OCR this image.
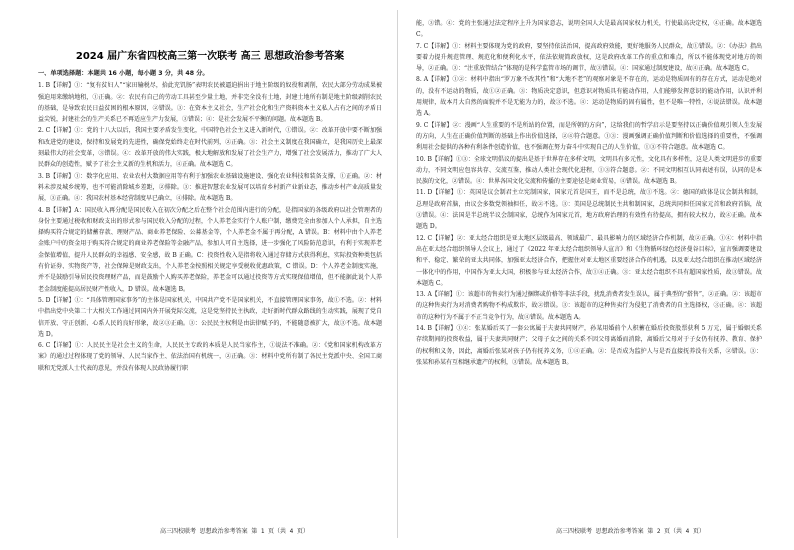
2024 届广东省四校高三第一次联考 高三 思想政治参考答案
一、单项选择题：本题共 16 小题，每小题 3 分，共 48 分。

1. B【详解】①：“复有贫妇人”“家田输税尽，拾此充饥肠”表明农民被逼迫捐出于地主阶级的奴役和剥削，农民大部分劳动成果被强迫用来缴纳地租，①正确。②：农民有自己的劳动工具甚至少量土地，并非完全没有土地，封建土地所有制是地主阶级剥削农民的基础，是导致农民日益贫困的根本原因，②错误。③：在资本主义社会，生产社会化和生产资料资本主义私人占有之间的矛盾日益尖锐，封建社会的生产关系已不再适应生产力发展，③错误；④：是社会发展不平衡的问题。故本题选 B。

2. C【详解】①：党的十八大以后，我国主要矛盾发生变化，中国特色社会主义进入新时代，①错误。②：改革开放中要不断加强和改进党的建设，保持和发展党的先进性，确保党始终走在时代前列，②正确。③：社会主义制度在我国确立，是我国历史上最深刻最伟大的社会变革，③错误。④：改革开放的伟大实践，极大地解放和发展了社会生产力，增强了社会发展活力，推动了广大人民群众的创造性，赋予了社会主义新的生机和活力，④正确。故本题选 C。

3. B【详解】①：数字化应用、农业农村大数据应用等有利于加强农业基础设施建设、强化农业科技和装备支撑，①正确。②：材料未涉及城乡统筹，也不可能消除城乡差距，②排除。③：推进智慧农业发展可以培育乡村新产业新业态，推动乡村产业高质量发展，③正确。④：我国农村基本经营制度早已确立，④排除。故本题选 B。

4. B【详解】A：国民收入再分配是国民收入在初次分配之后在整个社会范围内进行的分配，是指国家的各级政府以社会管理者的身份主要通过税收和财政支出的形式参与国民收入分配的过程，个人养老金实行个人账户制，缴费完全由参加人个人承担，自主选择购买符合规定的储蓄存款、理财产品、商业养老保险、公募基金等，个人养老金不属于再分配，A 错误。B：材料中由个人养老金账户中的资金用于购买符合规定的商业养老保险等金融产品，参加人可自主选择，进一步强化了风险防范意识，有利于实现养老金保值增值，提升人民群众的幸福感、安全感，故 B 正确。C：投资性收入是指将收入通过存储方式获得利息，实际投资种类包括有价证券、实物资产等，社会保障是财政支出，个人养老金按照相关规定享受税收优惠政策，C 错误。D：个人养老金制度实施，并不是鼓励引导居民投资理财产品，而是鼓励个人购买养老保险，养老金可以通过投资等方式实现保值增值，但不能据此说个人养老金制度能提高居民财产性收入，D 错误。故本题选 B。

5. D【详解】①：“具体管理国家事务”的主体是国家机关，中国共产党不是国家机关，不直接管理国家事务，故①不选。②：材料中指出党中央第二十大相关工作通过同国内外开展党际交流，这是党坚持民主执政，走好新时代群众路线的生动实践，展现了党自信开放、守正创新、心系人民的良好形象，故②③正确。③：公民民主权利是由法律赋予的，不能随意被扩大，故③不选。故本题选 D。

6. C【详解】①：人民民主是社会主义的生命，人民民主专政的本质是人民当家作主，①说法不准确。②：《党和国家机构改革方案》的通过过程体现了党的领导、人民当家作主、依法治国有机统一，②正确。③：材料中党所有制了各民主党派中央、全国工商联和无党派人士代表的意见，并没有体现人民政协履行职

能，③错。④：党的主张通过法定程序上升为国家意志，说明全国人大是最高国家权力机关，行使最高决定权，④正确。故本题选 C。

7. C【详解】①：材料主要体现为党的政府，要坚持依法治国，提高政府效能，更好地服务人民群众，故①错误。②：《办法》指出要着力提升规范管理、规范化和便利化水平，依法依规简政放权，这是政府改革工作的重点和难点，所以不能体现党对地方的领导，②正确。③：“注重放管结合”体现的是科学监管市场的调节，故③错误。④：国家通过制度建设，故④正确。故本题选 C。

8. A【详解】①②：材料中指出“罗万象不改其性”和“大地不老”的观察对象是不存在的，运动是物质固有的存在方式，运动是绝对的，没有不运动的物质，故①②正确。③：物质决定意识，但意识对物质具有能动作用，人们能够发挥意识的能动作用，认识并利用规律，故本月大自然的面貌并不是无能为力的，故③不选。④：运动是物质的固有属性，但不是唯一特性，④说法错误。故本题选 A。

9. C【详解】②：漫画“人生重要的不是所站的位置，而是所朝的方向”，这给我们的哲学启示是要坚持以正确价值观引领人生发展的方向，人生在正确价值判断的基础上作出价值选择，②④符合题意。①③：漫画强调正确价值判断和价值选择的重要性，不强调利用社会提供的各种有利条件创造价值，也不强调在努力奋斗中实现自己的人生价值，①③不符合题意。故本题选 C。

10. B【详解】①③：全球文明倡议的提出是基于世界存在多样文明，文明具有多元性，文化具有多样性，这是人类文明进步的重要动力，不同文明应包容共存、交流互鉴，推动人类社会现代化进程，①③符合题意。②：不同文明相互认同表述有误，认同的是本民族的文化，②错误。④：世界各国文化交流和传播的主要途径是商业贸易，④错误。故本题选 B。

11. D【详解】①：英国是议会制君主立宪制国家，国家元首是国王，而不是总统，故①不选。②：德国的政体是议会制共和制，总理是政府首脑，由议会多数党领袖担任，故②不选。③：美国是总统制民主共和制国家，总统共同担任国家元首和政府首脑，故③错误。④：法国是半总统半议会制国家，总统作为国家元首，地方政府治理的有效性有待提高，拥有较大权力，故④正确。故本题选 D。

12. C【详解】②：亚太经合组织是亚太地区层级最高、领域最广、最具影响力的区域经济合作机制，故②正确。①④：材料中指出在亚太经合组织领导人会议上，通过了《2022 年亚太经合组织领导人宣言》和《生物循环绿色经济曼谷目标》，宣言强调要建设和平、稳定、繁荣的亚太共同体，加强亚太经济合作，把握住对亚太地区重要经济合作的机遇，以及亚太经合组织在推动区域经济一体化中的作用，中国作为亚太大国，积极参与亚太经济合作，故①④正确。③：亚太经合组织不具有超国家性质，故③错误。故本题选 C。

13. A【详解】①：该超市的售卖行为通过捆绑或价格等非法手段，扰乱消费者发生误认，属于典型的“搭售”，②正确。②：该超市的这种售卖行为对消费者购物不构成欺诈，故②错误。③：该超市的这种售卖行为侵犯了消费者的自主选择权，③正确。④：该超市的这种行为不属于不正当竞争行为，故④错误。故本题选 A。

14. B【详解】①④：张某婚后买了一套公寓属于夫妻共同财产，孙某用婚前个人积蓄在婚后投资股票获利 5 万元，属于婚姻关系存续期间的投资收益，属于夫妻共同财产；父母子女之间的关系不因父母离婚而消除，离婚后父母对于子女仍有抚养、教育、保护的权利和义务，因此，离婚后张某对孩子仍有抚养义务，①④正确。②：是否成为监护人与是否直接抚养没有关系，②错误。③：张某和孙某有互相继承遗产的权利，③错误。故本题选 B。

高三四校联考 思想政治参考答案 第 1 页（共 4 页）	高三四校联考 思想政治参考答案 第 2 页（共 4 页）
